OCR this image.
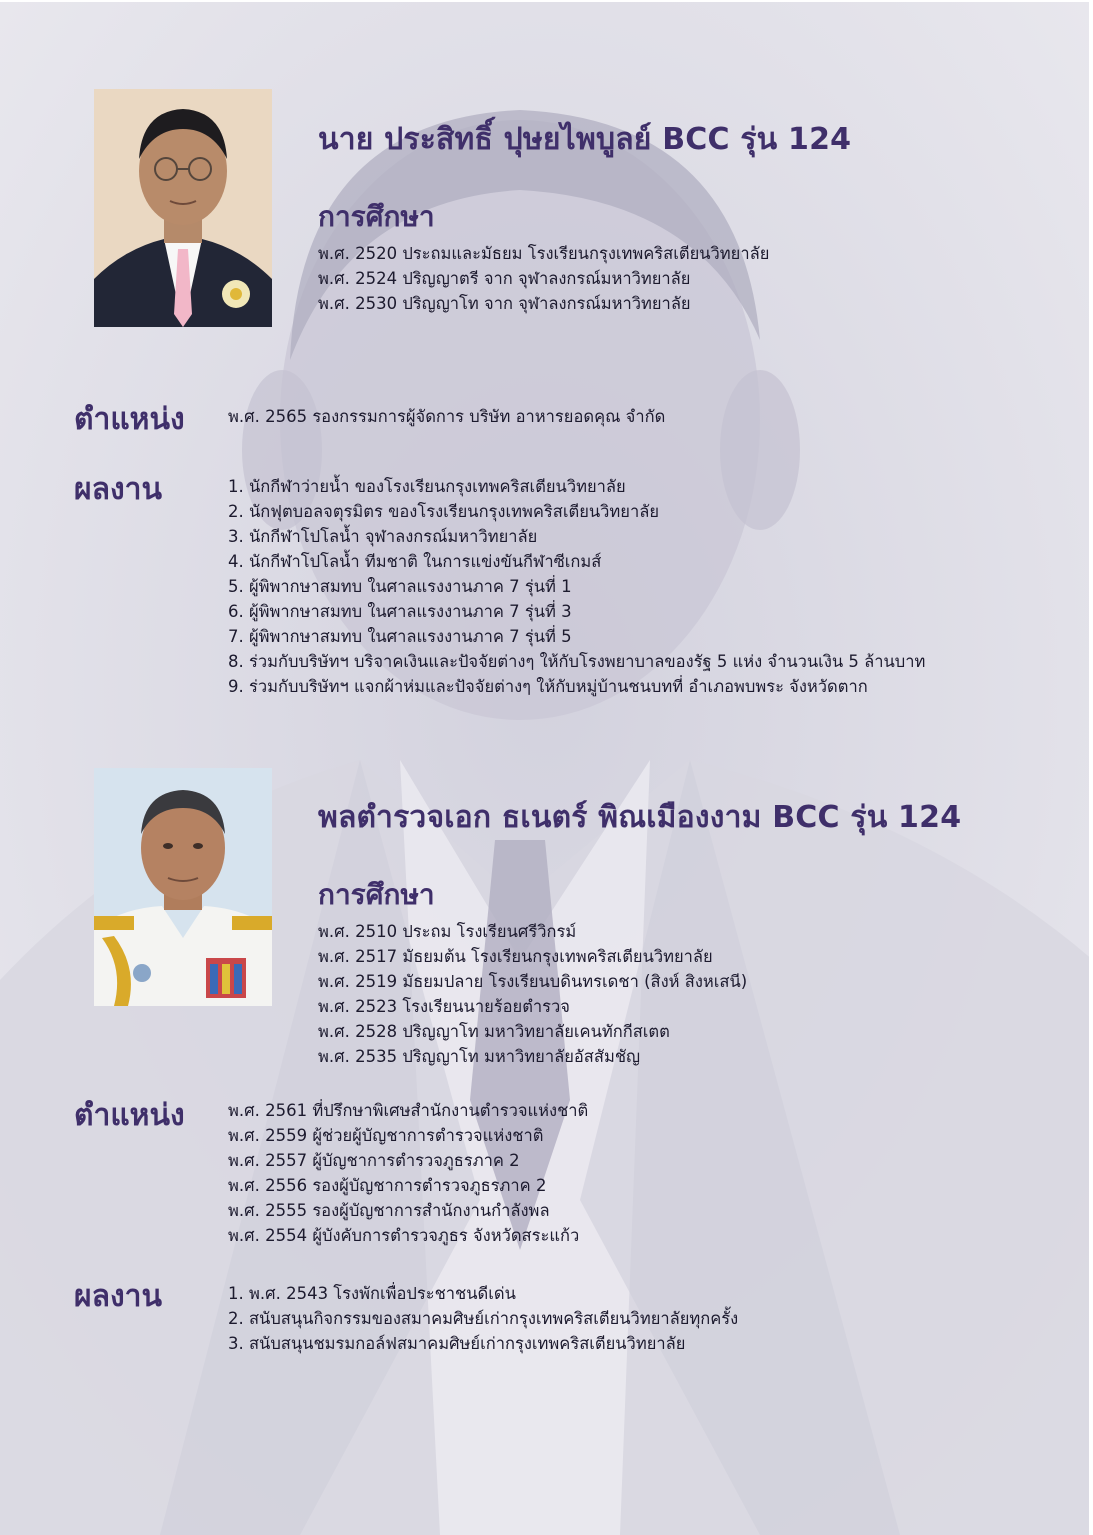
นาย ประสิทธิ์ ปุษยไพบูลย์ BCC รุ่น 124
การศึกษา
พ.ศ. 2520 ประถมและมัธยม โรงเรียนกรุงเทพคริสเตียนวิทยาลัย
พ.ศ. 2524 ปริญญาตรี จาก จุฬาลงกรณ์มหาวิทยาลัย
พ.ศ. 2530 ปริญญาโท จาก จุฬาลงกรณ์มหาวิทยาลัย
ตำแหน่ง	พ.ศ. 2565 รองกรรมการผู้จัดการ บริษัท อาหารยอดคุณ จำกัด
ผลงาน	1. นักกีฬาว่ายน้ำ ของโรงเรียนกรุงเทพคริสเตียนวิทยาลัย
2. นักฟุตบอลจตุรมิตร ของโรงเรียนกรุงเทพคริสเตียนวิทยาลัย
3. นักกีฬาโปโลน้ำ จุฬาลงกรณ์มหาวิทยาลัย
4. นักกีฬาโปโลน้ำ ทีมชาติ ในการแข่งขันกีฬาซีเกมส์
5. ผู้พิพากษาสมทบ ในศาลแรงงานภาค 7 รุ่นที่ 1
6. ผู้พิพากษาสมทบ ในศาลแรงงานภาค 7 รุ่นที่ 3
7. ผู้พิพากษาสมทบ ในศาลแรงงานภาค 7 รุ่นที่ 5
8. ร่วมกับบริษัทฯ บริจาคเงินและปัจจัยต่างๆ ให้กับโรงพยาบาลของรัฐ 5 แห่ง จำนวนเงิน 5 ล้านบาท
9. ร่วมกับบริษัทฯ แจกผ้าห่มและปัจจัยต่างๆ ให้กับหมู่บ้านชนบทที่ อำเภอพบพระ จังหวัดตาก
พลตำรวจเอก ธเนตร์ พิณเมืองงาม BCC รุ่น 124
การศึกษา
พ.ศ. 2510 ประถม โรงเรียนศรีวิกรม์
พ.ศ. 2517 มัธยมต้น โรงเรียนกรุงเทพคริสเตียนวิทยาลัย
พ.ศ. 2519 มัธยมปลาย โรงเรียนบดินทรเดชา (สิงห์ สิงหเสนี)
พ.ศ. 2523 โรงเรียนนายร้อยตำรวจ
พ.ศ. 2528 ปริญญาโท มหาวิทยาลัยเคนทักกีสเตต
พ.ศ. 2535 ปริญญาโท มหาวิทยาลัยอัสสัมชัญ
ตำแหน่ง	พ.ศ. 2561 ที่ปรึกษาพิเศษสำนักงานตำรวจแห่งชาติ
พ.ศ. 2559 ผู้ช่วยผู้บัญชาการตำรวจแห่งชาติ
พ.ศ. 2557 ผู้บัญชาการตำรวจภูธรภาค 2
พ.ศ. 2556 รองผู้บัญชาการตำรวจภูธรภาค 2
พ.ศ. 2555 รองผู้บัญชาการสำนักงานกำลังพล
พ.ศ. 2554 ผู้บังคับการตำรวจภูธร จังหวัดสระแก้ว
ผลงาน	1. พ.ศ. 2543 โรงพักเพื่อประชาชนดีเด่น
2. สนับสนุนกิจกรรมของสมาคมศิษย์เก่ากรุงเทพคริสเตียนวิทยาลัยทุกครั้ง
3. สนับสนุนชมรมกอล์ฟสมาคมศิษย์เก่ากรุงเทพคริสเตียนวิทยาลัย
